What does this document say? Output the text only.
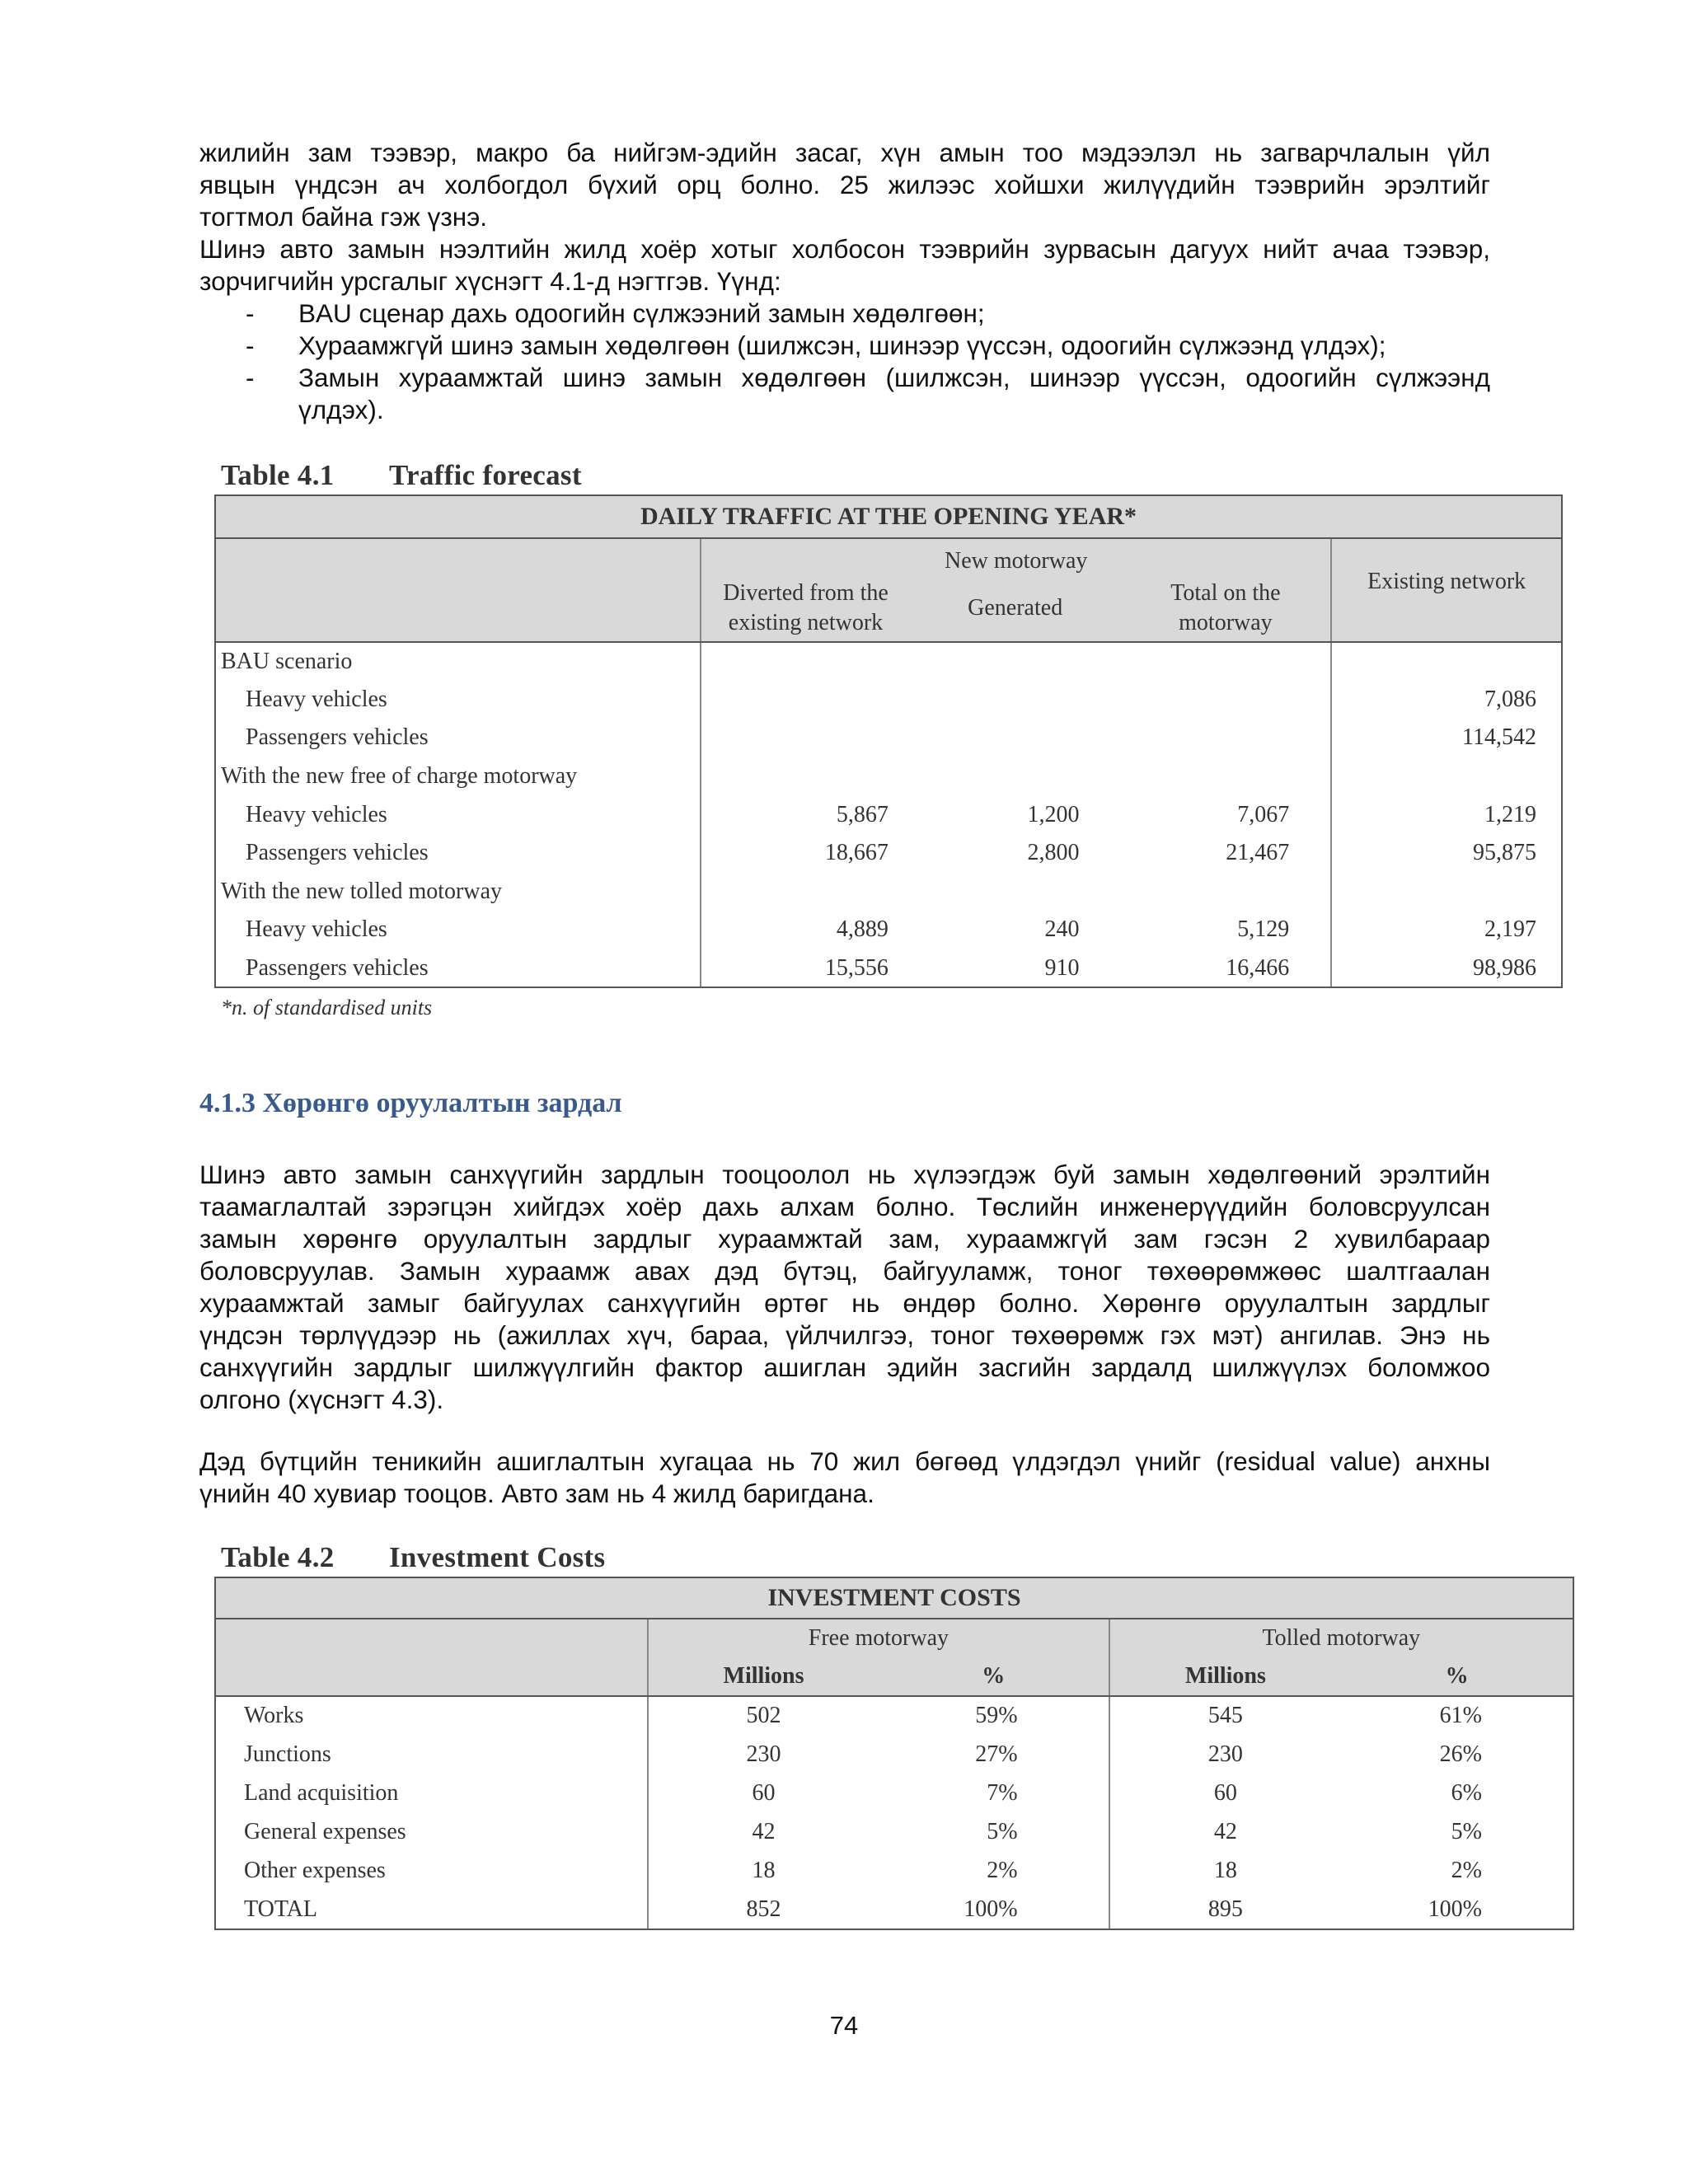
жилийн зам тээвэр, макро ба нийгэм-эдийн засаг, хүн амын тоо мэдээлэл нь загварчлалын үйл
явцын үндсэн ач холбогдол бүхий орц болно. 25 жилээс хойшхи жилүүдийн тээврийн эрэлтийг
тогтмол байна гэж үзнэ.
Шинэ авто замын нээлтийн жилд хоёр хотыг холбосон тээврийн зурвасын дагуух нийт ачаа тээвэр,
зорчигчийн урсгалыг хүснэгт 4.1-д нэгтгэв. Үүнд:
- BAU сценар дахь одоогийн сүлжээний замын хөдөлгөөн;
- Хураамжгүй шинэ замын хөдөлгөөн (шилжсэн, шинээр үүссэн, одоогийн сүлжээнд үлдэх);
- Замын хураамжтай шинэ замын хөдөлгөөн (шилжсэн, шинээр үүссэн, одоогийн сүлжээнд
үлдэх).
Table 4.1 Traffic forecast
DAILY TRAFFIC AT THE OPENING YEAR*				
	New motorway			Existing network

	Diverted from the
existing network	Generated	Total on the
motorway	

BAU scenario				
Heavy vehicles				7,086
Passengers vehicles				114,542
With the new free of charge motorway				
Heavy vehicles	5,867	1,200	7,067	1,219
Passengers vehicles	18,667	2,800	21,467	95,875
With the new tolled motorway				
Heavy vehicles	4,889	240	5,129	2,197
Passengers vehicles	15,556	910	16,466	98,986
*n. of standardised units
4.1.3 Хөрөнгө оруулалтын зардал
Шинэ авто замын санхүүгийн зардлын тооцоолол нь хүлээгдэж буй замын хөдөлгөөний эрэлтийн
таамаглалтай зэрэгцэн хийгдэх хоёр дахь алхам болно. Төслийн инженерүүдийн боловсруулсан
замын хөрөнгө оруулалтын зардлыг хураамжтай зам, хураамжгүй зам гэсэн 2 хувилбараар
боловсруулав. Замын хураамж авах дэд бүтэц, байгууламж, тоног төхөөрөмжөөс шалтгаалан
хураамжтай замыг байгуулах санхүүгийн өртөг нь өндөр болно. Хөрөнгө оруулалтын зардлыг
үндсэн төрлүүдээр нь (ажиллах хүч, бараа, үйлчилгээ, тоног төхөөрөмж гэх мэт) ангилав. Энэ нь
санхүүгийн зардлыг шилжүүлгийн фактор ашиглан эдийн засгийн зардалд шилжүүлэх боломжоо
олгоно (хүснэгт 4.3).
Дэд бүтцийн теникийн ашиглалтын хугацаа нь 70 жил бөгөөд үлдэгдэл үнийг (residual value) анхны
үнийн 40 хувиар тооцов. Авто зам нь 4 жилд баригдана.
Table 4.2 Investment Costs
INVESTMENT COSTS				
	Free motorway		Tolled motorway	
	Millions	%	Millions	%
Works	502	59%	545	61%
Junctions	230	27%	230	26%
Land acquisition	60	7%	60	6%
General expenses	42	5%	42	5%
Other expenses	18	2%	18	2%
TOTAL	852	100%	895	100%
74
